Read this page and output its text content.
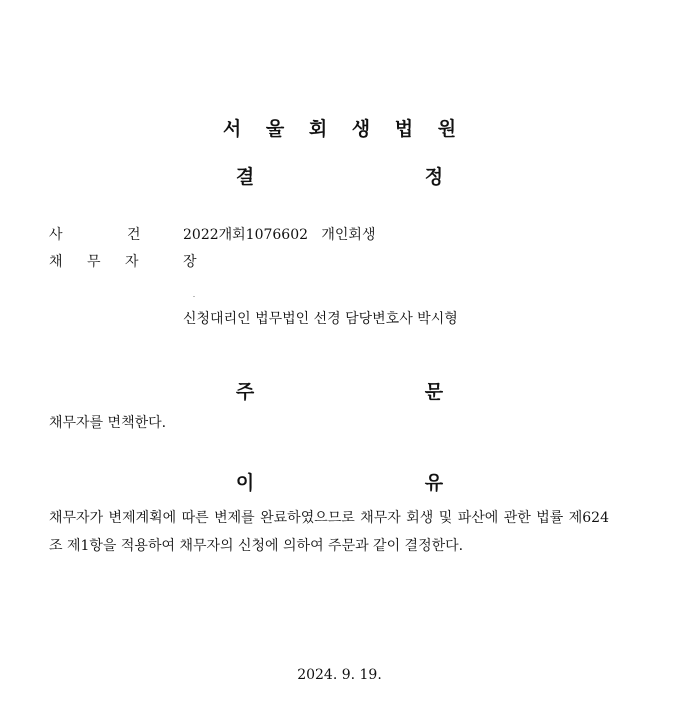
서 울 회 생 법 원
결 정
사 건	2022개회1076602   개인회생
채 무 자	장
신청대리인 법무법인 선경 담당변호사 박시형
주 문
채무자를 면책한다.
이 유
채무자가 변제계획에 따른 변제를 완료하였으므로 채무자 회생 및 파산에 관한 법률 제624조 제1항을 적용하여 채무자의 신청에 의하여 주문과 같이 결정한다.
2024. 9. 19.
